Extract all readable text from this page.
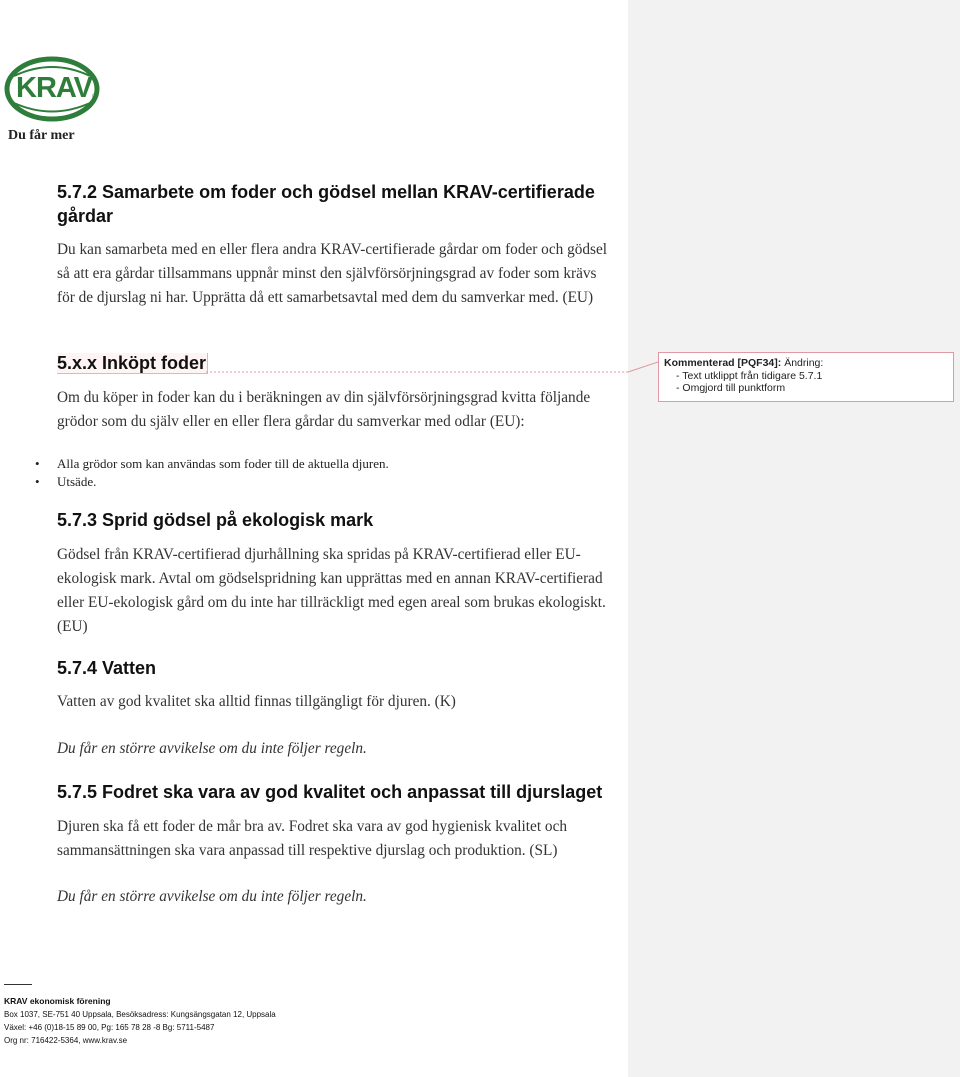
KRAV ®
Du får mer
5.7.2 Samarbete om foder och gödsel mellan KRAV-certifierade gårdar

Du kan samarbeta med en eller flera andra KRAV-certifierade gårdar om foder och gödsel så att era gårdar tillsammans uppnår minst den självförsörjningsgrad av foder som krävs för de djurslag ni har. Upprätta då ett samarbetsavtal med dem du samverkar med. (EU)

5.x.x Inköpt foder

Om du köper in foder kan du i beräkningen av din självförsörjningsgrad kvitta följande grödor som du själv eller en eller flera gårdar du samverkar med odlar (EU):

• Alla grödor som kan användas som foder till de aktuella djuren.
• Utsäde.
5.7.3 Sprid gödsel på ekologisk mark

Gödsel från KRAV-certifierad djurhållning ska spridas på KRAV-certifierad eller EU-ekologisk mark. Avtal om gödselspridning kan upprättas med en annan KRAV-certifierad eller EU-ekologisk gård om du inte har tillräckligt med egen areal som brukas ekologiskt. (EU)

5.7.4 Vatten

Vatten av god kvalitet ska alltid finnas tillgängligt för djuren. (K)

Du får en större avvikelse om du inte följer regeln.

5.7.5 Fodret ska vara av god kvalitet och anpassat till djurslaget

Djuren ska få ett foder de mår bra av. Fodret ska vara av god hygienisk kvalitet och sammansättningen ska vara anpassad till respektive djurslag och produktion. (SL)

Du får en större avvikelse om du inte följer regeln.

KRAV ekonomisk förening
Box 1037, SE-751 40 Uppsala, Besöksadress: Kungsängsgatan 12, Uppsala
Växel: +46 (0)18-15 89 00, Pg: 165 78 28 -8 Bg: 5711-5487
Org nr: 716422-5364, www.krav.se
Kommenterad [PQF34]: Ändring:
- Text utklippt från tidigare 5.7.1
- Omgjord till punktform
